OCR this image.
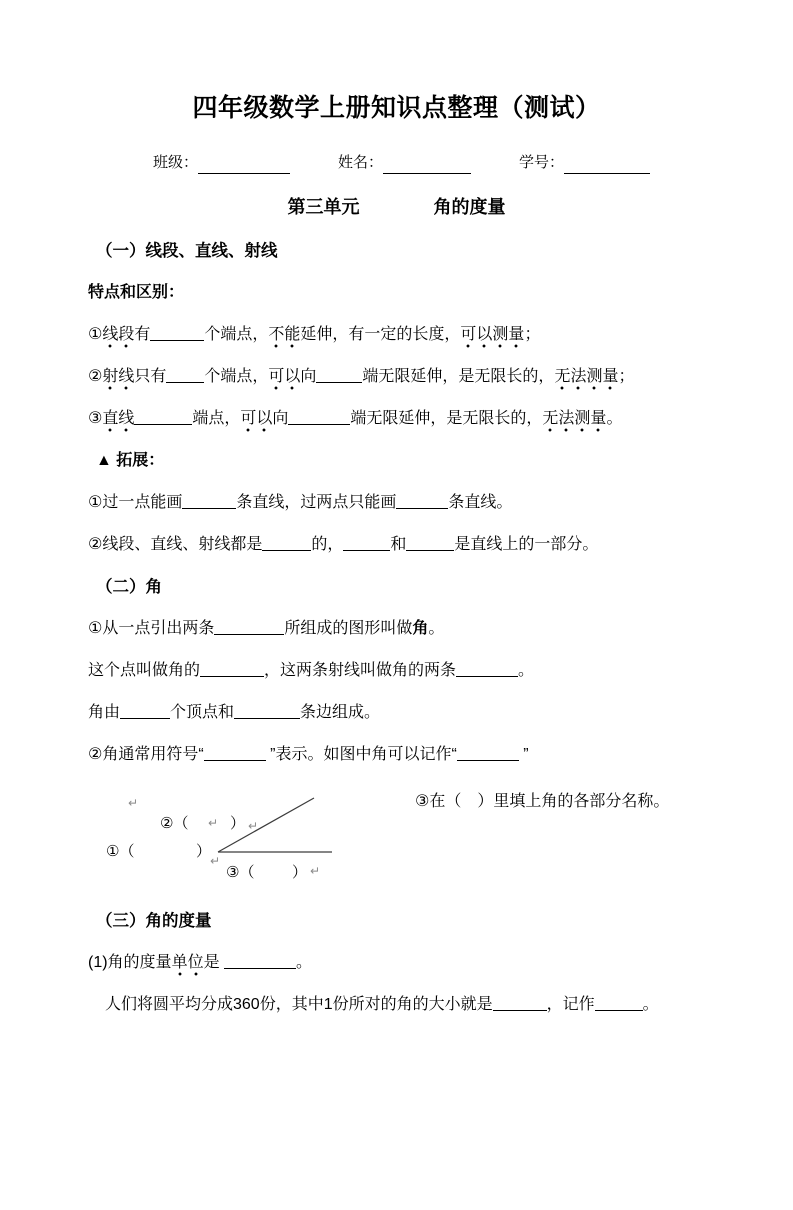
四年级数学上册知识点整理（测试）
班级：	姓名：	学号：
第三单元	角的度量

（一）线段、直线、射线

特点和区别：

①线段有	个端点，不能延伸，有一定的长度，可以测量；

②射线只有 个端点，可以向	端无限延伸，是无限长的，无法测量；

③直线	端点，可以向	端无限延伸，是无限长的，无法测量。

▲ 拓展：

①过一点能画	条直线，过两点只能画	条直线。

②线段、直线、射线都是	的，	和	是直线上的一部分。

（二）角

①从一点引出两条	所组成的图形叫做角。

这个点叫做角的	，这两条射线叫做角的两条	。

角由	个顶点和	条边组成。

②角通常用符号“	”表示。如图中角可以记作“	”

③在（　）里填上角的各部分名称。
↵
②（ ↵ ） ↵
①（	）
↵
③（	） ↵

（三）角的度量

(1)角的度量单位是	。

人们将圆平均分成360份，其中1份所对的角的大小就是	，记作	。
